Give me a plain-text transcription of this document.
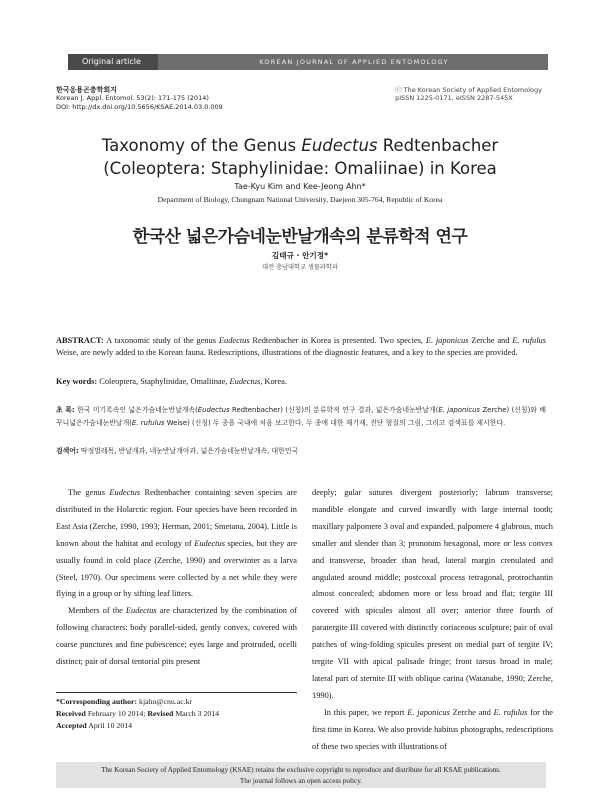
Original article	KOREAN JOURNAL OF APPLIED ENTOMOLOGY
한국응용곤충학회지
Korean J. Appl. Entomol. 53(2): 171-175 (2014)
DOI: http://dx.doi.org/10.5656/KSAE.2014.03.0.009
ⓒ The Korean Society of Applied Entomology
pISSN 1225-0171, eISSN 2287-545X
Taxonomy of the Genus Eudectus Redtenbacher
(Coleoptera: Staphylinidae: Omaliinae) in Korea
Tae-Kyu Kim and Kee-Jeong Ahn*
Department of Biology, Chungnam National University, Daejeon 305-764, Republic of Korea
한국산 넓은가슴네눈반날개속의 분류학적 연구
김태규 · 안기정*
대전 충남대학교 생물과학과
ABSTRACT: A taxonomic study of the genus Eudectus Redtenbacher in Korea is presented. Two species, E. japonicus Zerche and E. rufulus Weise, are newly added to the Korean fauna. Redescriptions, illustrations of the diagnostic features, and a key to the species are provided.
Key words: Coleoptera, Staphylinidae, Omaliinae, Eudectus, Korea.
초 록: 한국 미기록속인 넓은가슴네눈반날개속(Eudectus Redtenbacher) (신칭)의 분류학적 연구 결과, 넓은가슴네눈반날개(E. japonicus Zerche) (신칭)와 배꾸니넓은가슴네눈반날개(E. rufulus Weise) (신칭) 두 종을 국내에 처음 보고한다. 두 종에 대한 재기재, 진단 형질의 그림, 그리고 검색표를 제시한다.
검색어: 딱정벌레목, 반날개과, 네눈반날개아과, 넓은가슴네눈반날개속, 대한민국

The genus Eudectus Redtenbacher containing seven species are distributed in the Holarctic region. Four species have been recorded in East Asia (Zerche, 1990, 1993; Herman, 2001; Smetana, 2004). Little is known about the habitat and ecology of Eudectus species, but they are usually found in cold place (Zerche, 1990) and overwinter as a larva (Steel, 1970). Our specimens were collected by a net while they were flying in a group or by sifting leaf litters.

Members of the Eudectus are characterized by the combination of following characters: body parallel-sided, gently convex, covered with coarse punctures and fine pubescence; eyes large and protruded, ocelli distinct; pair of dorsal tentorial pits present

deeply; gular sutures divergent posteriorly; labrum transverse; mandible elongate and curved inwardly with large internal tooth; maxillary palpomere 3 oval and expanded, palpomere 4 glabrous, much smaller and slender than 3; pronotum hexagonal, more or less convex and transverse, broader than head, lateral margin crenulated and angulated around middle; postcoxal process tetragonal, protrochantin almost concealed; abdomen more or less broad and flat; tergite III covered with spicules almost all over; anterior three fourth of paratergite III covered with distinctly coriaceous sculpture; pair of oval patches of wing-folding spicules present on medial part of tergite IV; tergite VII with apical palisade fringe; front tarsus broad in male; lateral part of sternite III with oblique carina (Watanabe, 1990; Zerche, 1990).

In this paper, we report E. japonicus Zerche and E. rufulus for the first time in Korea. We also provide habitus photographs, redescriptions of these two species with illustrations of

*Corresponding author: kjahn@cnu.ac.kr
Received February 10 2014; Revised March 3 2014
Accepted April 10 2014
The Korean Society of Applied Entomology (KSAE) retains the exclusive copyright to reproduce and distribute for all KSAE publications.
The journal follows an open access policy.
